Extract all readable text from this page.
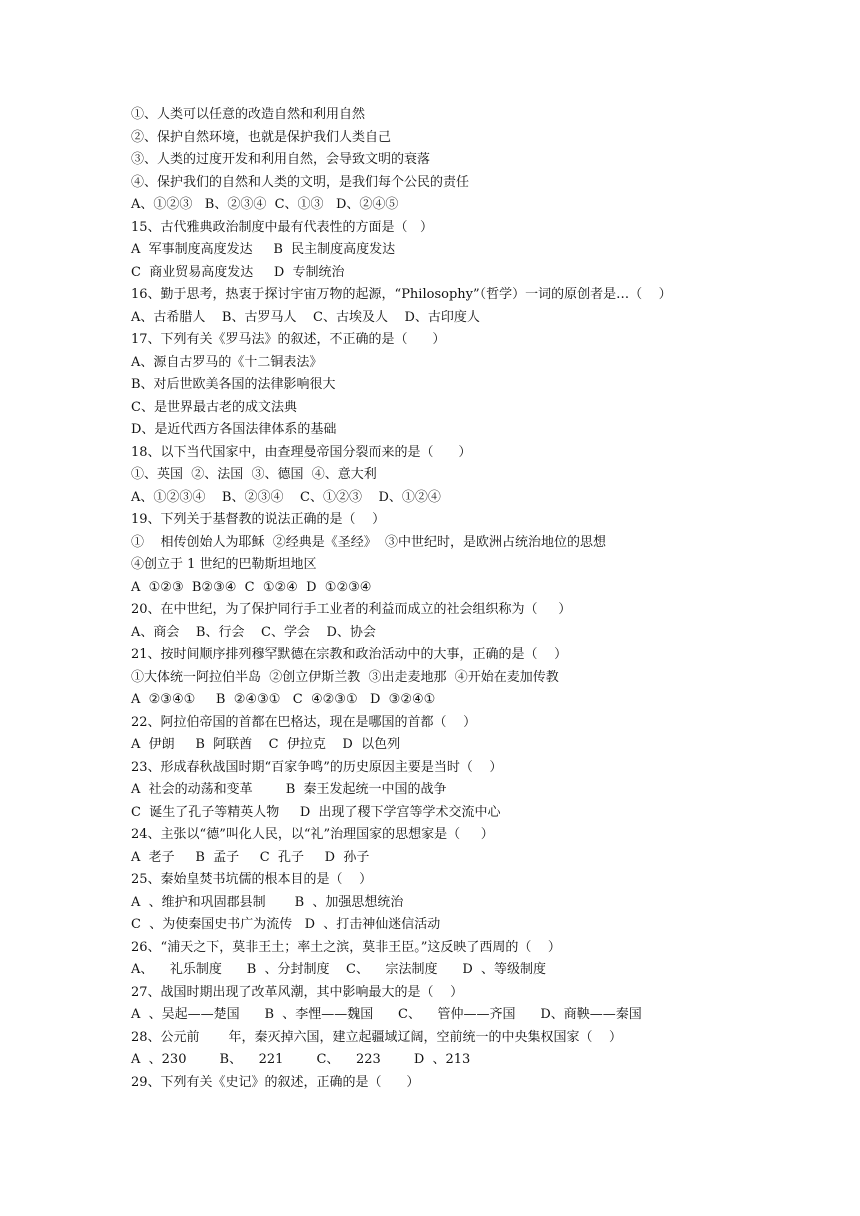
①、人类可以任意的改造自然和利用自然

②、保护自然环境，也就是保护我们人类自己

③、人类的过度开发和利用自然，会导致文明的衰落

④、保护我们的自然和人类的文明，是我们每个公民的责任

A、①②③   B、②③④  C、①③   D、②④⑤

15、古代雅典政治制度中最有代表性的方面是（   ）

A  军事制度高度发达     B  民主制度高度发达

C  商业贸易高度发达     D  专制统治

16、勤于思考，热衷于探讨宇宙万物的起源，“Philosophy”（哲学）一词的原创者是…（    ）

A、古希腊人    B、古罗马人    C、古埃及人    D、古印度人

17、下列有关《罗马法》的叙述，不正确的是（      ）

A、源自古罗马的《十二铜表法》

B、对后世欧美各国的法律影响很大

C、是世界最古老的成文法典

D、是近代西方各国法律体系的基础

18、以下当代国家中，由查理曼帝国分裂而来的是（      ）

①、英国  ②、法国  ③、德国  ④、意大利

A、①②③④    B、②③④    C、①②③    D、①②④

19、下列关于基督教的说法正确的是（    ）

①    相传创始人为耶稣  ②经典是《圣经》  ③中世纪时，是欧洲占统治地位的思想

④创立于 1 世纪的巴勒斯坦地区

A  ①②③  B②③④  C  ①②④  D  ①②③④

20、在中世纪，为了保护同行手工业者的利益而成立的社会组织称为（     ）

A、商会    B、行会    C、学会    D、协会

21、按时间顺序排列穆罕默德在宗教和政治活动中的大事，正确的是（    ）

①大体统一阿拉伯半岛  ②创立伊斯兰教  ③出走麦地那  ④开始在麦加传教

A  ②③④①     B  ②④③①   C  ④②③①   D  ③②④①

22、阿拉伯帝国的首都在巴格达，现在是哪国的首都（    ）

A  伊朗     B  阿联酋    C  伊拉克    D  以色列

23、形成春秋战国时期“百家争鸣”的历史原因主要是当时（    ）

A  社会的动荡和变革        B  秦王发起统一中国的战争

C  诞生了孔子等精英人物     D  出现了稷下学宫等学术交流中心

24、主张以“德”叫化人民，以“礼”治理国家的思想家是（     ）

A  老子     B  孟子     C  孔子     D  孙子

25、秦始皇焚书坑儒的根本目的是（    ）

A  、维护和巩固郡县制       B  、加强思想统治

C  、为使秦国史书广为流传   D  、打击神仙迷信活动

26、“浦天之下，莫非王土；率土之滨，莫非王臣。”这反映了西周的（    ）

A、    礼乐制度      B  、分封制度    C、    宗法制度      D  、等级制度

27、战国时期出现了改革风潮，其中影响最大的是（    ）

A  、吴起——楚国      B  、李悝——魏国      C、    管仲——齐国      D、商鞅——秦国

28、公元前       年，秦灭掉六国，建立起疆域辽阔，空前统一的中央集权国家（    ）

A  、230        B、    221        C、    223        D  、213

29、下列有关《史记》的叙述，正确的是（      ）
